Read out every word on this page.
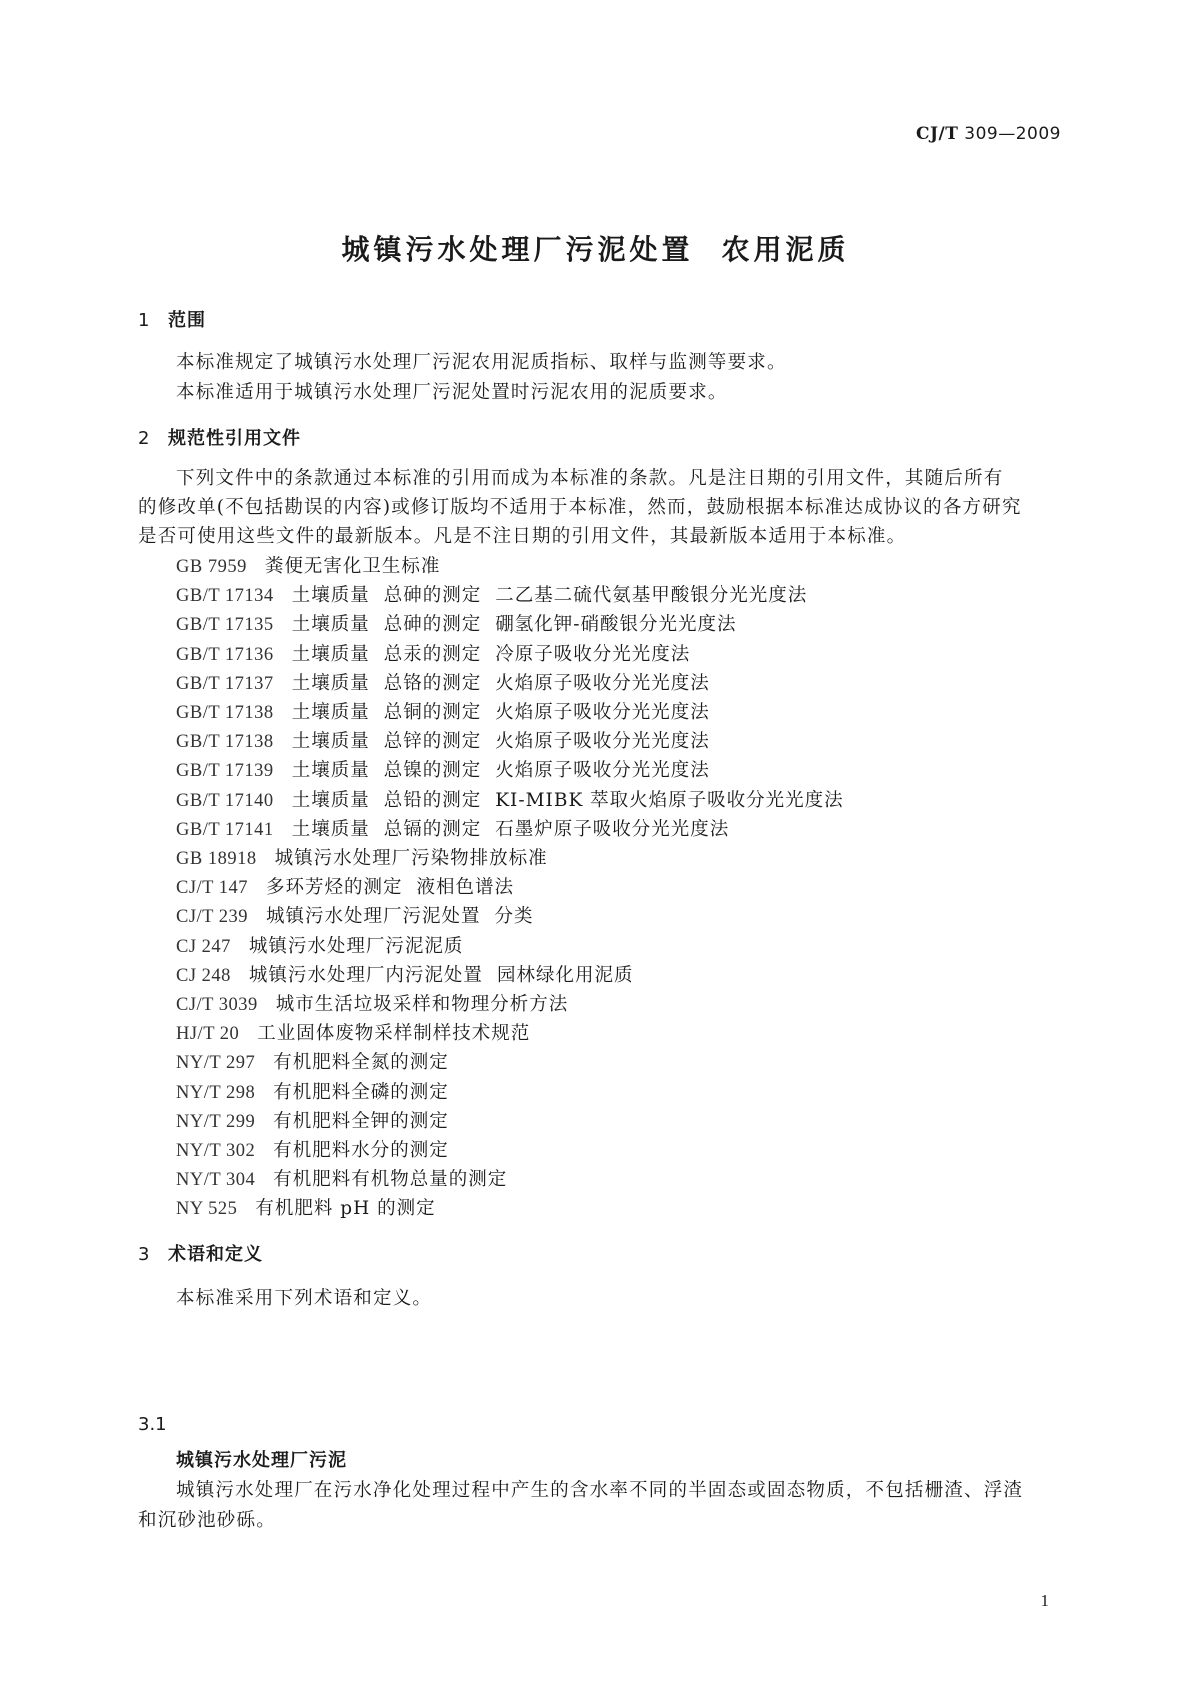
CJ/T 309—2009
城镇污水处理厂污泥处置 农用泥质
1 范围
本标准规定了城镇污水处理厂污泥农用泥质指标、取样与监测等要求。
本标准适用于城镇污水处理厂污泥处置时污泥农用的泥质要求。
2 规范性引用文件
下列文件中的条款通过本标准的引用而成为本标准的条款。凡是注日期的引用文件，其随后所有
的修改单(不包括勘误的内容)或修订版均不适用于本标准，然而，鼓励根据本标准达成协议的各方研究
是否可使用这些文件的最新版本。凡是不注日期的引用文件，其最新版本适用于本标准。
GB 7959 粪便无害化卫生标准
GB/T 17134 土壤质量 总砷的测定 二乙基二硫代氨基甲酸银分光光度法
GB/T 17135 土壤质量 总砷的测定 硼氢化钾-硝酸银分光光度法
GB/T 17136 土壤质量 总汞的测定 冷原子吸收分光光度法
GB/T 17137 土壤质量 总铬的测定 火焰原子吸收分光光度法
GB/T 17138 土壤质量 总铜的测定 火焰原子吸收分光光度法
GB/T 17138 土壤质量 总锌的测定 火焰原子吸收分光光度法
GB/T 17139 土壤质量 总镍的测定 火焰原子吸收分光光度法
GB/T 17140 土壤质量 总铅的测定 KI-MIBK 萃取火焰原子吸收分光光度法
GB/T 17141 土壤质量 总镉的测定 石墨炉原子吸收分光光度法
GB 18918 城镇污水处理厂污染物排放标准
CJ/T 147 多环芳烃的测定 液相色谱法
CJ/T 239 城镇污水处理厂污泥处置 分类
CJ 247 城镇污水处理厂污泥泥质
CJ 248 城镇污水处理厂内污泥处置 园林绿化用泥质
CJ/T 3039 城市生活垃圾采样和物理分析方法
HJ/T 20 工业固体废物采样制样技术规范
NY/T 297 有机肥料全氮的测定
NY/T 298 有机肥料全磷的测定
NY/T 299 有机肥料全钾的测定
NY/T 302 有机肥料水分的测定
NY/T 304 有机肥料有机物总量的测定
NY 525 有机肥料 pH 的测定
3 术语和定义
本标准采用下列术语和定义。
3.1
城镇污水处理厂污泥
城镇污水处理厂在污水净化处理过程中产生的含水率不同的半固态或固态物质，不包括栅渣、浮渣
和沉砂池砂砾。
1
